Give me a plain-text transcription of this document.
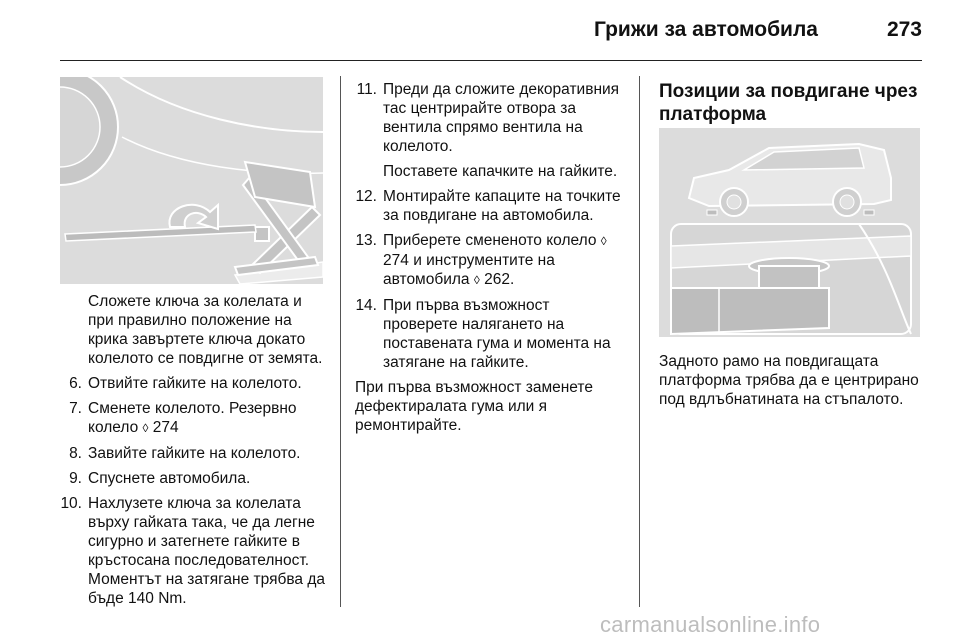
Грижи за автомобила	273

Сложете ключа за колелата и при правилно положение на крика завъртете ключа докато колелото се повдигне от земята.

6. Отвийте гайките на колелото.
7. Сменете колелото. Резервно колело ◊ 274
8. Завийте гайките на колелото.
9. Спуснете автомобила.
10. Нахлузете ключа за колелата върху гайката така, че да легне сигурно и затегнете гайките в кръстосана последователност. Моментът на затягане трябва да бъде 140 Nm.
11. Преди да сложите декоративния тас центрирайте отвора за вентила спрямо вентила на колелото.

Поставете капачките на гайките.

12. Монтирайте капаците на точките за повдигане на автомобила.
13. Приберете смененото колело ◊ 274 и инструментите на автомобила ◊ 262.
14. При първа възможност проверете налягането на поставената гума и момента на затягане на гайките.

При първа възможност заменете дефектиралата гума или я ремонтирайте.

Позиции за повдигане чрез платформа

Задното рамо на повдигащата платформа трябва да е центрирано под вдлъбнатината на стъпалото.

carmanualsonline.info
